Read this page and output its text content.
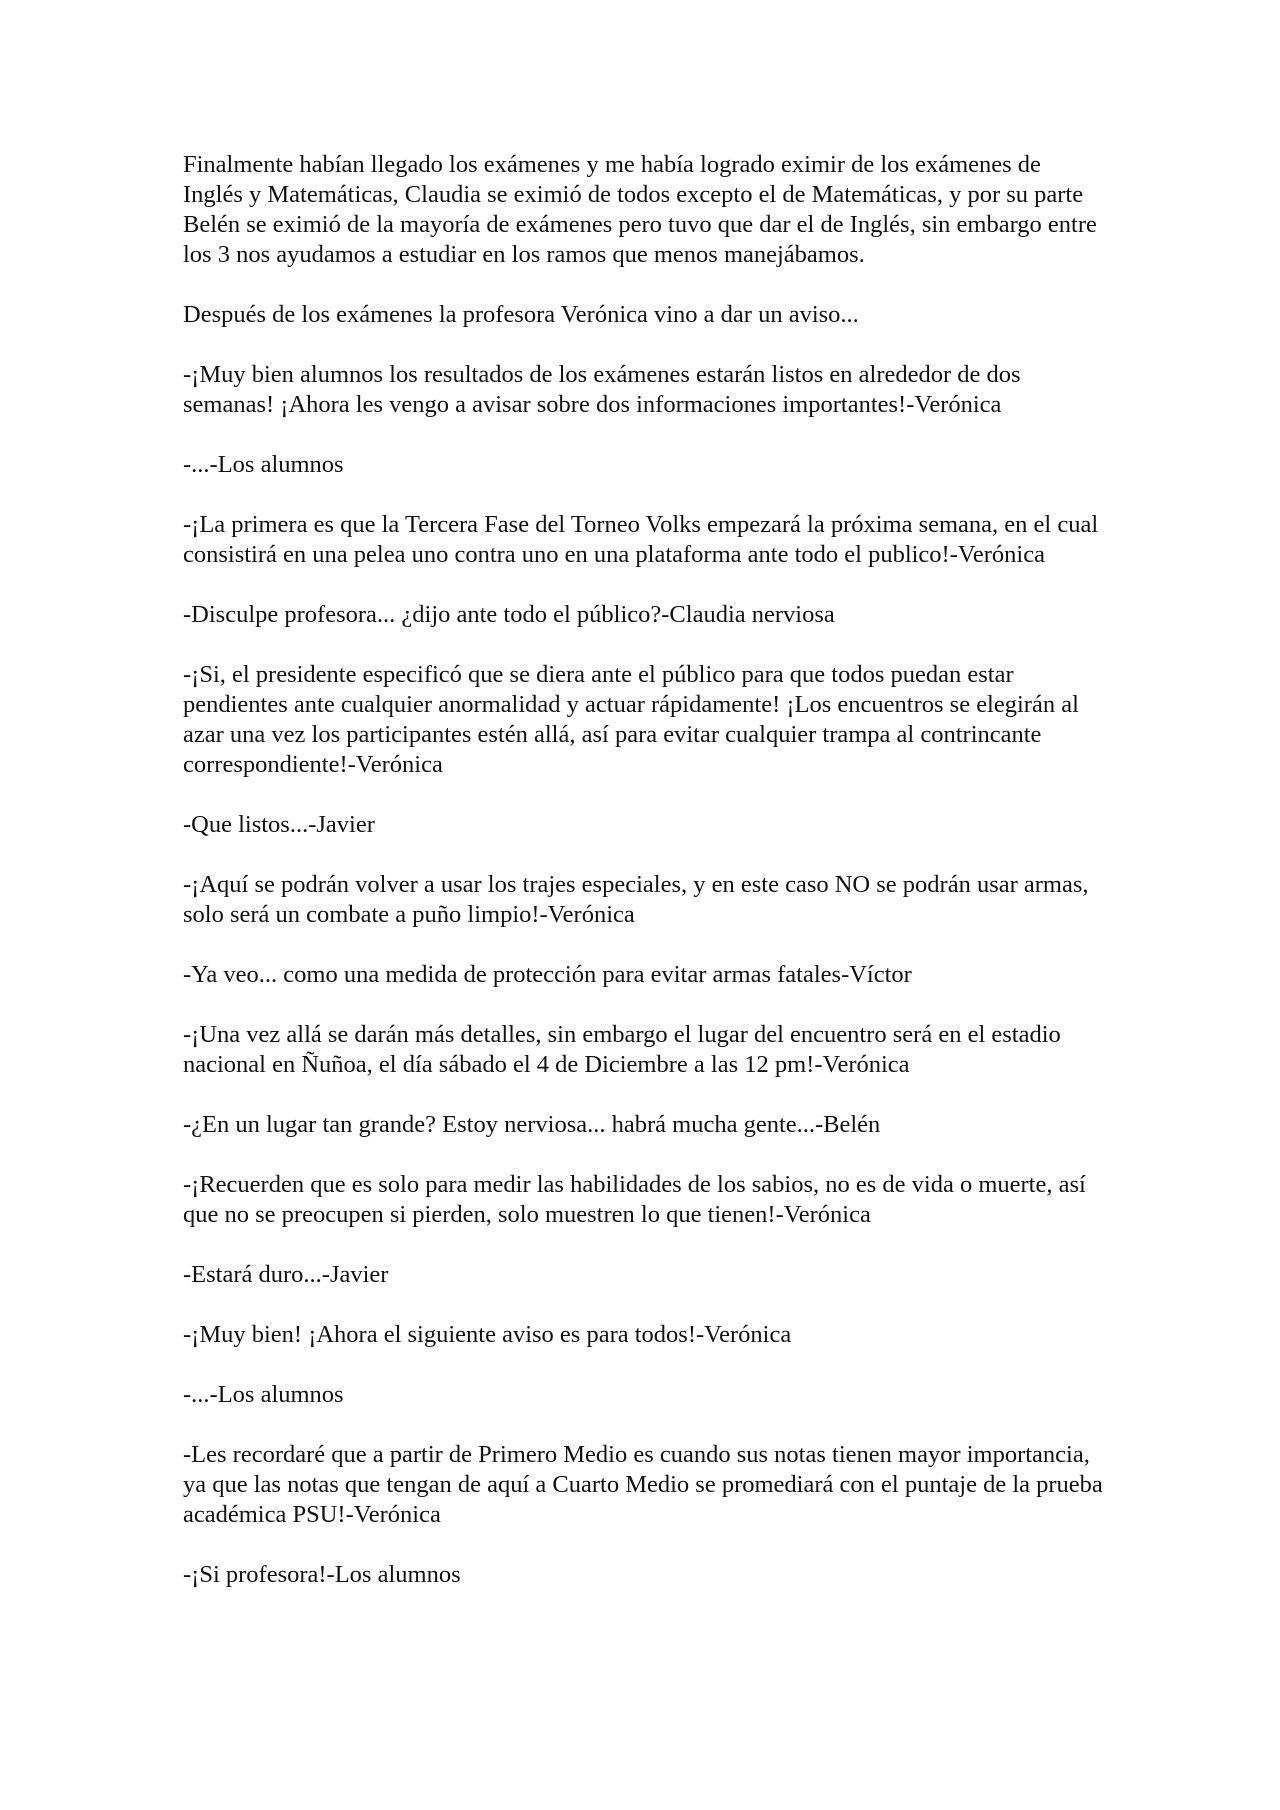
Finalmente habían llegado los exámenes y me había logrado eximir de los exámenes de Inglés y Matemáticas, Claudia se eximió de todos excepto el de Matemáticas, y por su parte Belén se eximió de la mayoría de exámenes pero tuvo que dar el de Inglés, sin embargo entre los 3 nos ayudamos a estudiar en los ramos que menos manejábamos.

Después de los exámenes la profesora Verónica vino a dar un aviso...

-¡Muy bien alumnos los resultados de los exámenes estarán listos en alrededor de dos semanas! ¡Ahora les vengo a avisar sobre dos informaciones importantes!-Verónica

-...-Los alumnos

-¡La primera es que la Tercera Fase del Torneo Volks empezará la próxima semana, en el cual consistirá en una pelea uno contra uno en una plataforma ante todo el publico!-Verónica

-Disculpe profesora... ¿dijo ante todo el público?-Claudia nerviosa

-¡Si, el presidente especificó que se diera ante el público para que todos puedan estar pendientes ante cualquier anormalidad y actuar rápidamente! ¡Los encuentros se elegirán al azar una vez los participantes estén allá, así para evitar cualquier trampa al contrincante correspondiente!-Verónica

-Que listos...-Javier

-¡Aquí se podrán volver a usar los trajes especiales, y en este caso NO se podrán usar armas, solo será un combate a puño limpio!-Verónica

-Ya veo... como una medida de protección para evitar armas fatales-Víctor

-¡Una vez allá se darán más detalles, sin embargo el lugar del encuentro será en el estadio nacional en Ñuñoa, el día sábado el 4 de Diciembre a las 12 pm!-Verónica

-¿En un lugar tan grande? Estoy nerviosa... habrá mucha gente...-Belén

-¡Recuerden que es solo para medir las habilidades de los sabios, no es de vida o muerte, así que no se preocupen si pierden, solo muestren lo que tienen!-Verónica

-Estará duro...-Javier

-¡Muy bien! ¡Ahora el siguiente aviso es para todos!-Verónica

-...-Los alumnos

-Les recordaré que a partir de Primero Medio es cuando sus notas tienen mayor importancia, ya que las notas que tengan de aquí a Cuarto Medio se promediará con el puntaje de la prueba académica PSU!-Verónica

-¡Si profesora!-Los alumnos
